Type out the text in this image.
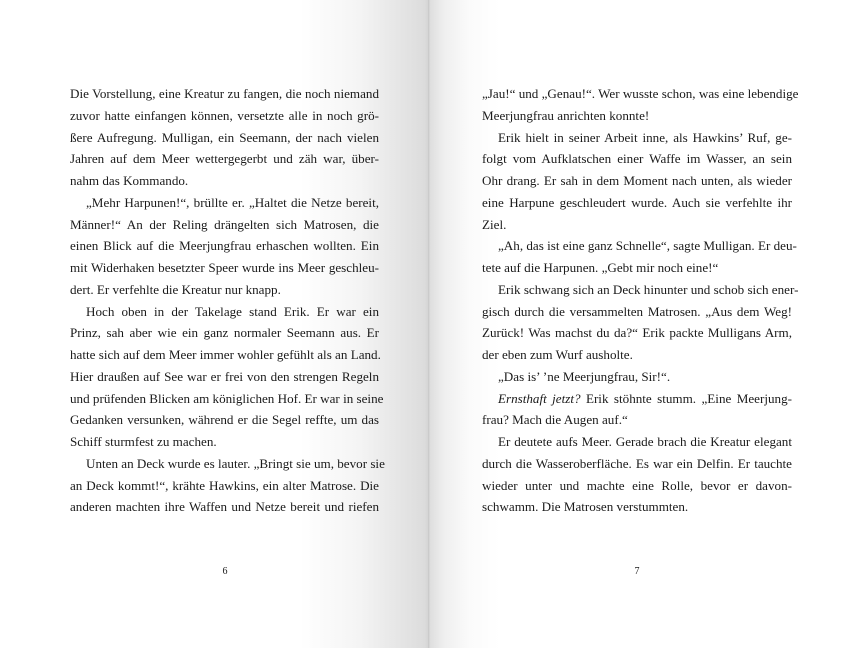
Die Vorstellung, eine Kreatur zu fangen, die noch niemand
zuvor hatte einfangen können, versetzte alle in noch grö-
ßere Aufregung. Mulligan, ein Seemann, der nach vielen
Jahren auf dem Meer wettergegerbt und zäh war, über-
nahm das Kommando.
„Mehr Harpunen!“, brüllte er. „Haltet die Netze bereit,
Männer!“ An der Reling drängelten sich Matrosen, die
einen Blick auf die Meerjungfrau erhaschen wollten. Ein
mit Widerhaken besetzter Speer wurde ins Meer geschleu-
dert. Er verfehlte die Kreatur nur knapp.
Hoch oben in der Takelage stand Erik. Er war ein
Prinz, sah aber wie ein ganz normaler Seemann aus. Er
hatte sich auf dem Meer immer wohler gefühlt als an Land.
Hier draußen auf See war er frei von den strengen Regeln
und prüfenden Blicken am königlichen Hof. Er war in seine
Gedanken versunken, während er die Segel reffte, um das
Schiff sturmfest zu machen.
Unten an Deck wurde es lauter. „Bringt sie um, bevor sie
an Deck kommt!“, krähte Hawkins, ein alter Matrose. Die
anderen machten ihre Waffen und Netze bereit und riefen
6
„Jau!“ und „Genau!“. Wer wusste schon, was eine lebendige
Meerjungfrau anrichten konnte!
Erik hielt in seiner Arbeit inne, als Hawkins’ Ruf, ge-
folgt vom Aufklatschen einer Waffe im Wasser, an sein
Ohr drang. Er sah in dem Moment nach unten, als wieder
eine Harpune geschleudert wurde. Auch sie verfehlte ihr
Ziel.
„Ah, das ist eine ganz Schnelle“, sagte Mulligan. Er deu-
tete auf die Harpunen. „Gebt mir noch eine!“
Erik schwang sich an Deck hinunter und schob sich ener-
gisch durch die versammelten Matrosen. „Aus dem Weg!
Zurück! Was machst du da?“ Erik packte Mulligans Arm,
der eben zum Wurf ausholte.
„Das is’ ’ne Meerjungfrau, Sir!“.
Ernsthaft jetzt? Erik stöhnte stumm. „Eine Meerjung-
frau? Mach die Augen auf.“
Er deutete aufs Meer. Gerade brach die Kreatur elegant
durch die Wasseroberfläche. Es war ein Delfin. Er tauchte
wieder unter und machte eine Rolle, bevor er davon-
schwamm. Die Matrosen verstummten.
7
